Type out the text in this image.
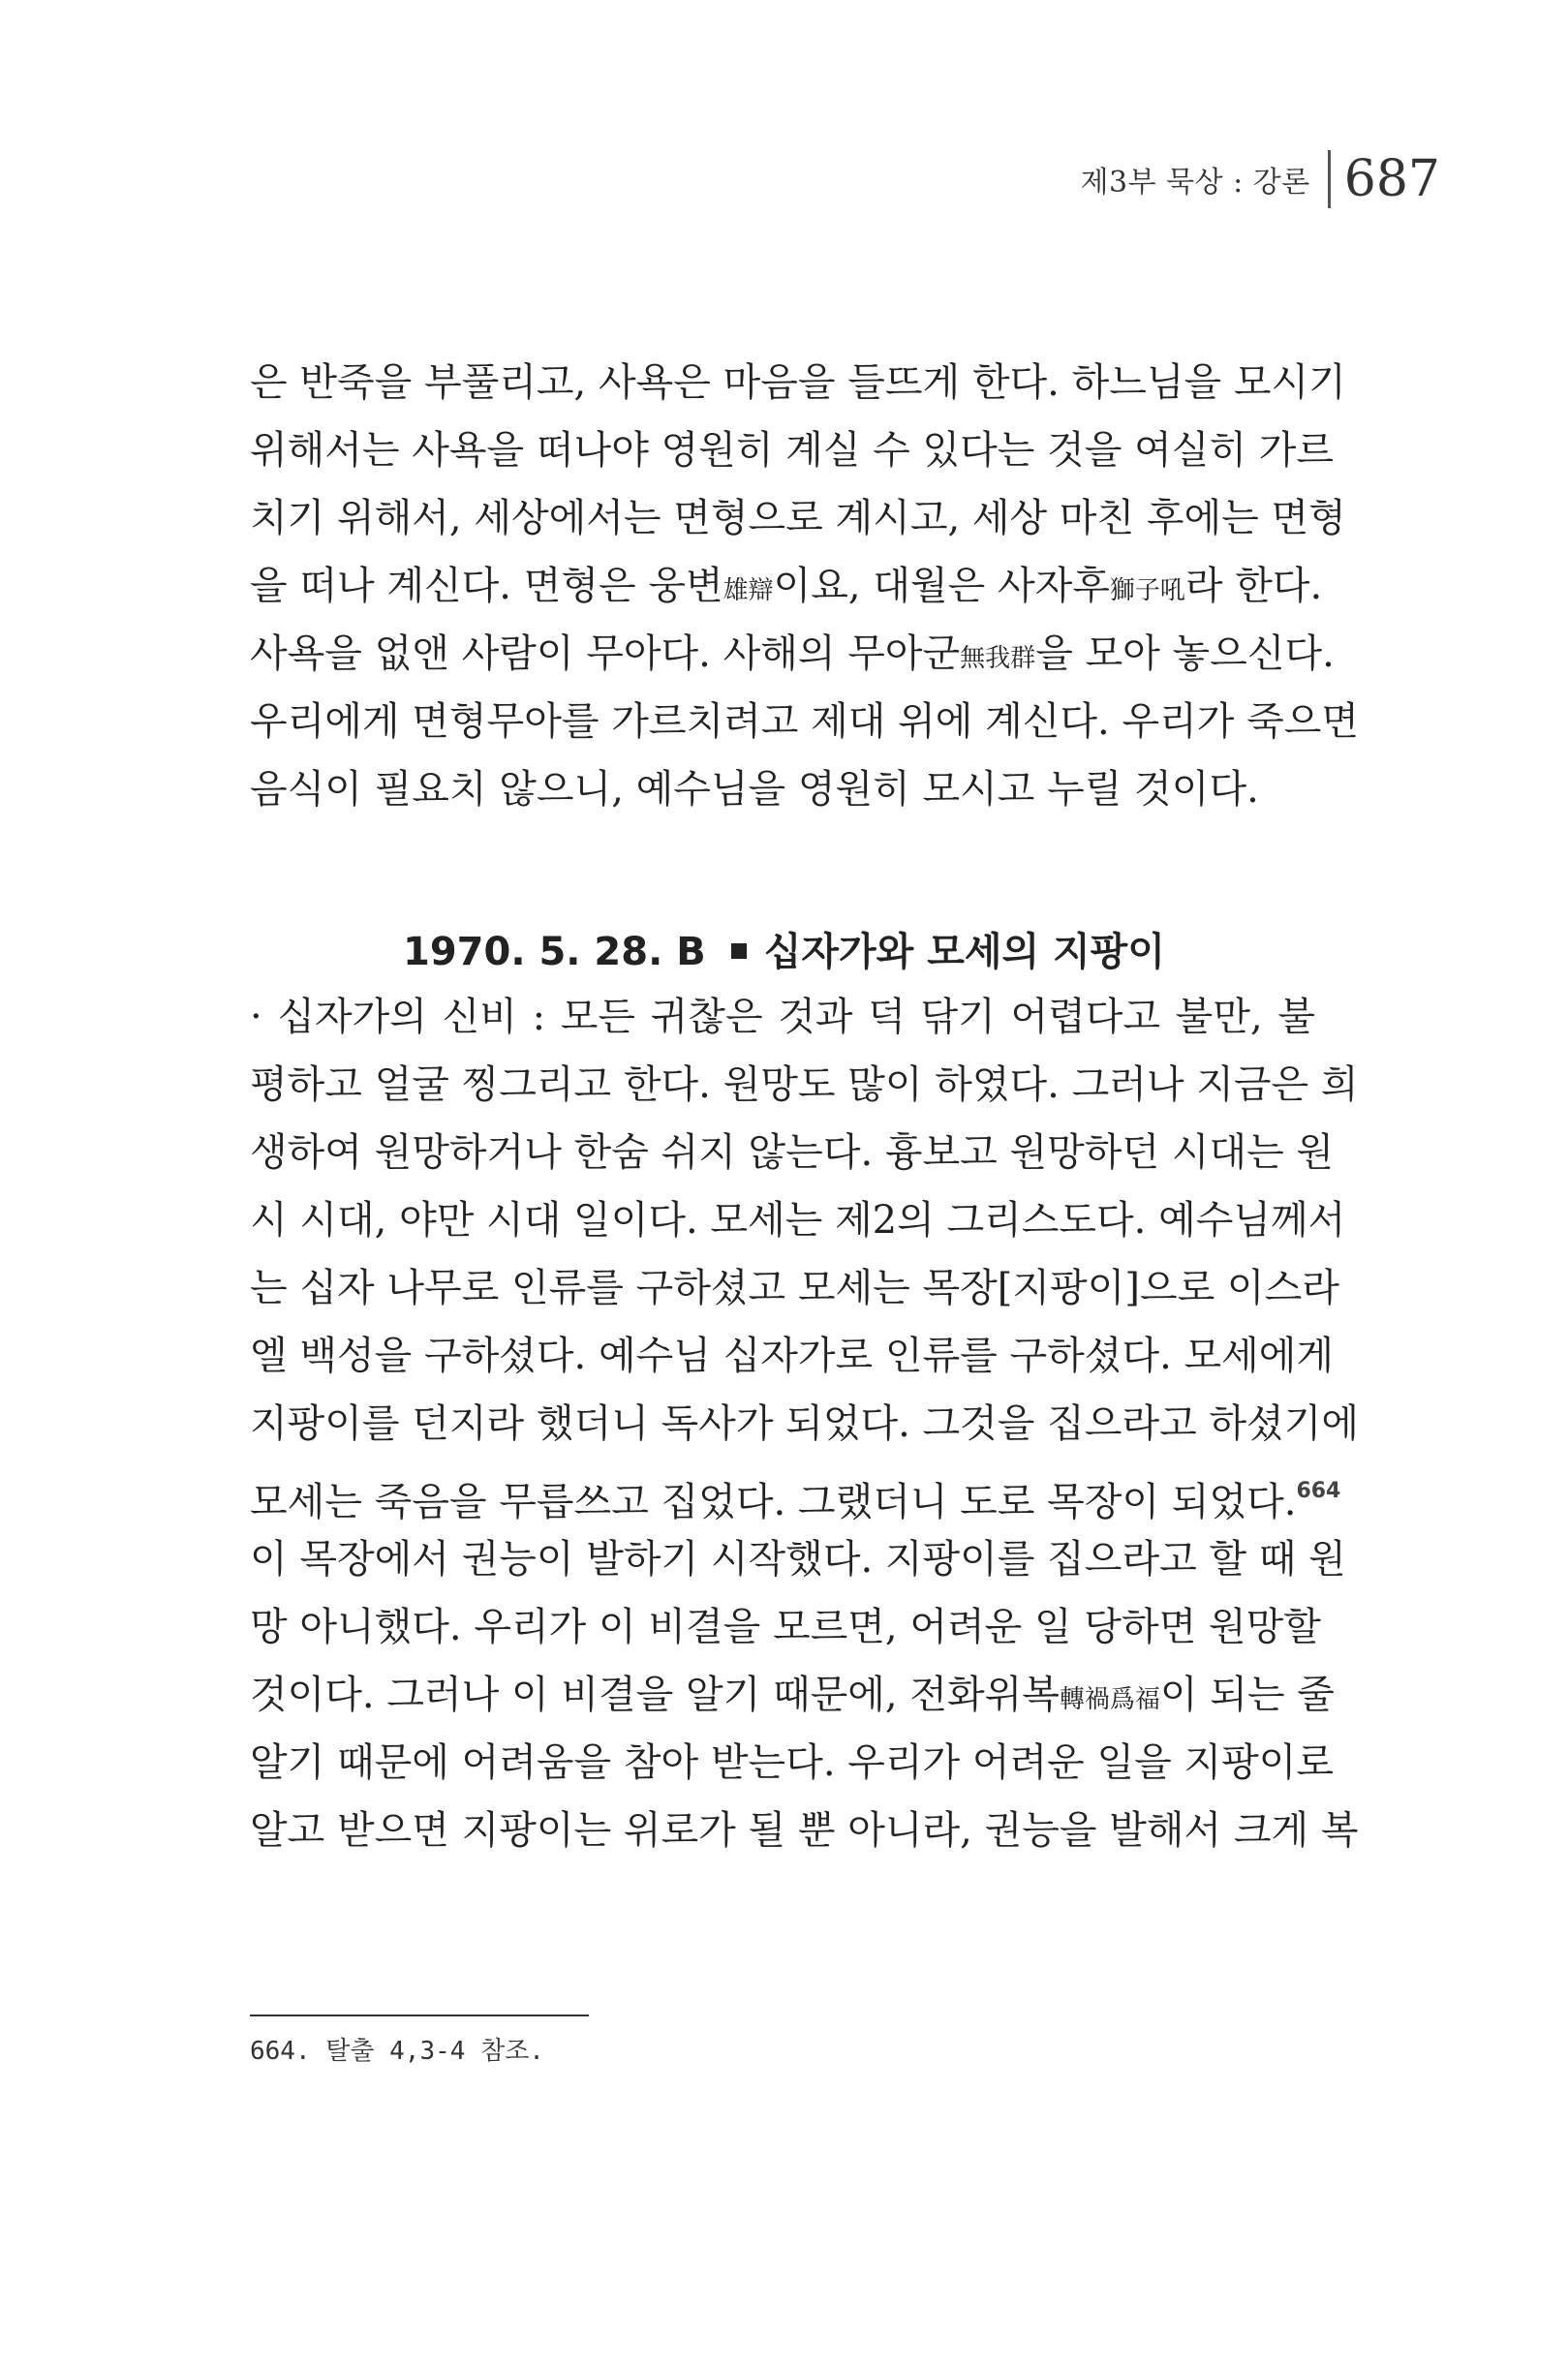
제3부 묵상 : 강론 687
은 반죽을 부풀리고, 사욕은 마음을 들뜨게 한다. 하느님을 모시기
위해서는 사욕을 떠나야 영원히 계실 수 있다는 것을 여실히 가르
치기 위해서, 세상에서는 면형으로 계시고, 세상 마친 후에는 면형
을 떠나 계신다. 면형은 웅변雄辯이요, 대월은 사자후獅子吼라 한다.
사욕을 없앤 사람이 무아다. 사해의 무아군無我群을 모아 놓으신다.
우리에게 면형무아를 가르치려고 제대 위에 계신다. 우리가 죽으면
음식이 필요치 않으니, 예수님을 영원히 모시고 누릴 것이다.
1970. 5. 28. B 십자가와 모세의 지팡이
· 십자가의 신비 : 모든 귀찮은 것과 덕 닦기 어렵다고 불만, 불
평하고 얼굴 찡그리고 한다. 원망도 많이 하였다. 그러나 지금은 희
생하여 원망하거나 한숨 쉬지 않는다. 흉보고 원망하던 시대는 원
시 시대, 야만 시대 일이다. 모세는 제2의 그리스도다. 예수님께서
는 십자 나무로 인류를 구하셨고 모세는 목장[지팡이]으로 이스라
엘 백성을 구하셨다. 예수님 십자가로 인류를 구하셨다. 모세에게
지팡이를 던지라 했더니 독사가 되었다. 그것을 집으라고 하셨기에
모세는 죽음을 무릅쓰고 집었다. 그랬더니 도로 목장이 되었다.$^{664}$
이 목장에서 권능이 발하기 시작했다. 지팡이를 집으라고 할 때 원
망 아니했다. 우리가 이 비결을 모르면, 어려운 일 당하면 원망할
것이다. 그러나 이 비결을 알기 때문에, 전화위복轉禍爲福이 되는 줄
알기 때문에 어려움을 참아 받는다. 우리가 어려운 일을 지팡이로
알고 받으면 지팡이는 위로가 될 뿐 아니라, 권능을 발해서 크게 복
664. 탈출 4,3-4 참조.
